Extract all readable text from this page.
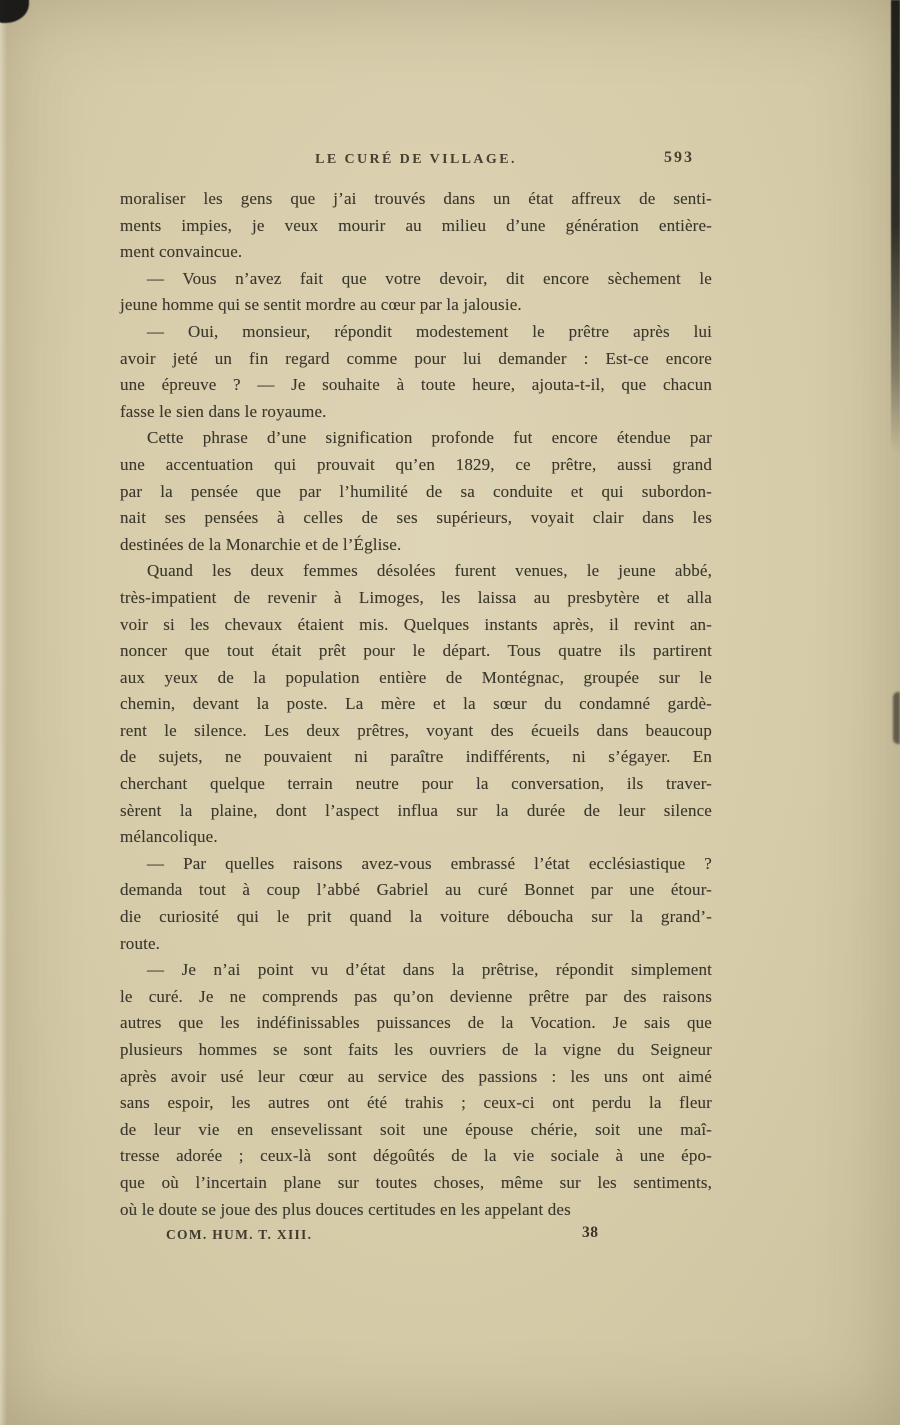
LE CURÉ DE VILLAGE.	593
moraliser les gens que j’ai trouvés dans un état affreux de senti-
ments impies, je veux mourir au milieu d’une génération entière-
ment convaincue.
— Vous n’avez fait que votre devoir, dit encore sèchement le
jeune homme qui se sentit mordre au cœur par la jalousie.
— Oui, monsieur, répondit modestement le prêtre après lui
avoir jeté un fin regard comme pour lui demander : Est-ce encore
une épreuve ? — Je souhaite à toute heure, ajouta-t-il, que chacun
fasse le sien dans le royaume.
Cette phrase d’une signification profonde fut encore étendue par
une accentuation qui prouvait qu’en 1829, ce prêtre, aussi grand
par la pensée que par l’humilité de sa conduite et qui subordon-
nait ses pensées à celles de ses supérieurs, voyait clair dans les
destinées de la Monarchie et de l’Église.
Quand les deux femmes désolées furent venues, le jeune abbé,
très-impatient de revenir à Limoges, les laissa au presbytère et alla
voir si les chevaux étaient mis. Quelques instants après, il revint an-
noncer que tout était prêt pour le départ. Tous quatre ils partirent
aux yeux de la population entière de Montégnac, groupée sur le
chemin, devant la poste. La mère et la sœur du condamné gardè-
rent le silence. Les deux prêtres, voyant des écueils dans beaucoup
de sujets, ne pouvaient ni paraître indifférents, ni s’égayer. En
cherchant quelque terrain neutre pour la conversation, ils traver-
sèrent la plaine, dont l’aspect influa sur la durée de leur silence
mélancolique.
— Par quelles raisons avez-vous embrassé l’état ecclésiastique ?
demanda tout à coup l’abbé Gabriel au curé Bonnet par une étour-
die curiosité qui le prit quand la voiture déboucha sur la grand’-
route.
— Je n’ai point vu d’état dans la prêtrise, répondit simplement
le curé. Je ne comprends pas qu’on devienne prêtre par des raisons
autres que les indéfinissables puissances de la Vocation. Je sais que
plusieurs hommes se sont faits les ouvriers de la vigne du Seigneur
après avoir usé leur cœur au service des passions : les uns ont aimé
sans espoir, les autres ont été trahis ; ceux-ci ont perdu la fleur
de leur vie en ensevelissant soit une épouse chérie, soit une maî-
tresse adorée ; ceux-là sont dégoûtés de la vie sociale à une épo-
que où l’incertain plane sur toutes choses, même sur les sentiments,
où le doute se joue des plus douces certitudes en les appelant des
COM. HUM. T. XIII.	38
